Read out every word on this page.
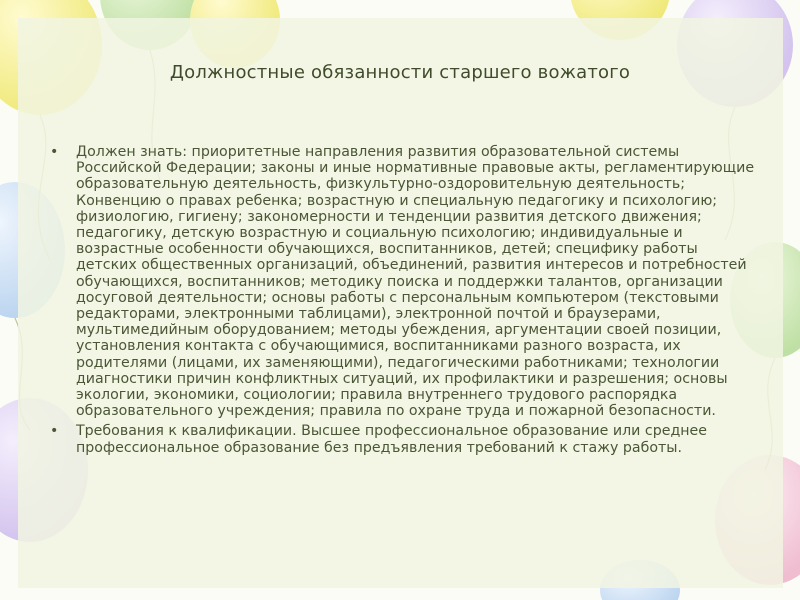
Должностные обязанности старшего вожатого
• Должен знать: приоритетные направления развития образовательной системы Российской Федерации; законы и иные нормативные правовые акты, регламентирующие образовательную деятельность, физкультурно-оздоровительную деятельность; Конвенцию о правах ребенка; возрастную и специальную педагогику и психологию; физиологию, гигиену; закономерности и тенденции развития детского движения; педагогику, детскую возрастную и социальную психологию; индивидуальные и возрастные особенности обучающихся, воспитанников, детей; специфику работы детских общественных организаций, объединений, развития интересов и потребностей обучающихся, воспитанников; методику поиска и поддержки талантов, организации досуговой деятельности; основы работы с персональным компьютером (текстовыми редакторами, электронными таблицами), электронной почтой и браузерами, мультимедийным оборудованием; методы убеждения, аргументации своей позиции, установления контакта с обучающимися, воспитанниками разного возраста, их родителями (лицами, их заменяющими), педагогическими работниками; технологии диагностики причин конфликтных ситуаций, их профилактики и разрешения; основы экологии, экономики, социологии; правила внутреннего трудового распорядка образовательного учреждения; правила по охране труда и пожарной безопасности.
• Требования к квалификации. Высшее профессиональное образование или среднее профессиональное образование без предъявления требований к стажу работы.
